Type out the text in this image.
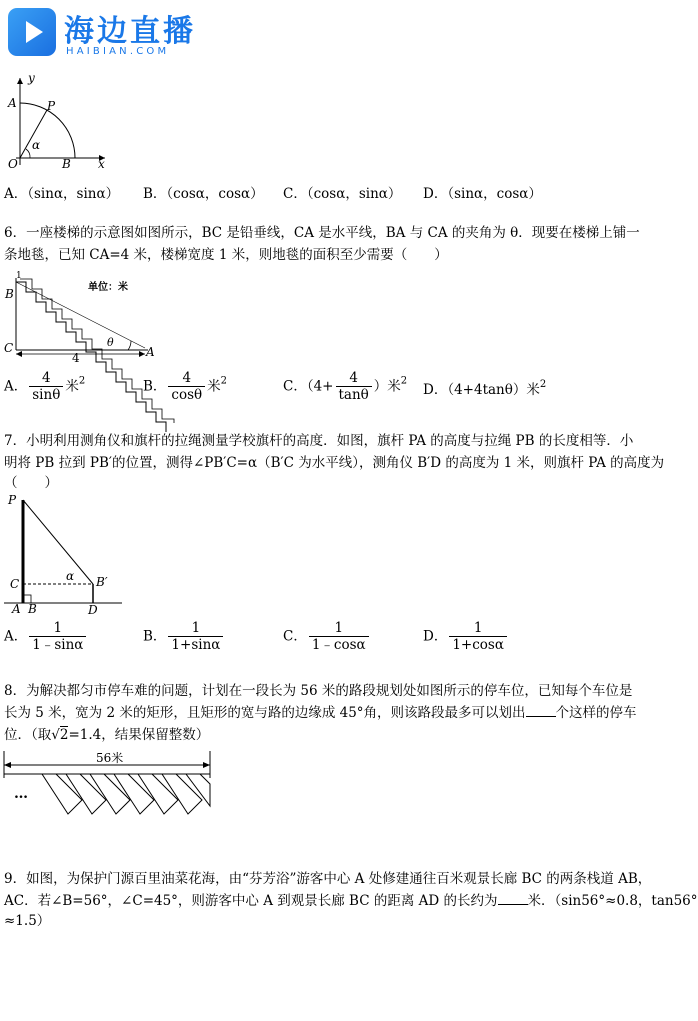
海边直播
HAIBIAN.COM
y
x
A	P
α
O	B
A．（sinα，sinα） B．（cosα，cosα） C．（cosα，sinα） D．（sinα，cosα）
6．一座楼梯的示意图如图所示，BC 是铅垂线，CA 是水平线，BA 与 CA 的夹角为 θ．现要在楼梯上铺一
条地毯，已知 CA=4 米，楼梯宽度 1 米，则地毯的面积至少需要（　　）
1
单位：米
B
C	A
4
θ
A． $\frac{4}{\sin\theta}$ 米$^2$	B． $\frac{4}{\cos\theta}$ 米$^2$	C．（$4+ \frac{4}{\tan\theta}$ ）米$^2$
D．（4+4tanθ）米$^2$
7．小明利用测角仪和旗杆的拉绳测量学校旗杆的高度．如图，旗杆 PA 的高度与拉绳 PB 的长度相等．小
明将 PB 拉到 PB′的位置，测得∠PB′C=α（B′C 为水平线），测角仪 B′D 的高度为 1 米，则旗杆 PA 的高度为
（　　）
P
C
α B′
A B	D
A． $\frac{1}{1﹣\sin\alpha}$	B． $\frac{1}{1+\sin\alpha}$	C． $\frac{1}{1﹣\cos\alpha}$	D． $\frac{1}{1+\cos\alpha}$
8．为解决都匀市停车难的问题，计划在一段长为 56 米的路段规划处如图所示的停车位，已知每个车位是
长为 5 米，宽为 2 米的矩形，且矩形的宽与路的边缘成 45°角，则该路段最多可以划出 个这样的停车
位．（取√2=1.4，结果保留整数）
56米
…
9．如图，为保护门源百里油菜花海，由“芬芳浴”游客中心 A 处修建通往百米观景长廊 BC 的两条栈道 AB，
AC．若∠B=56°，∠C=45°，则游客中心 A 到观景长廊 BC 的距离 AD 的长约为 米．（sin56°≈0.8，tan56°
≈1.5）
